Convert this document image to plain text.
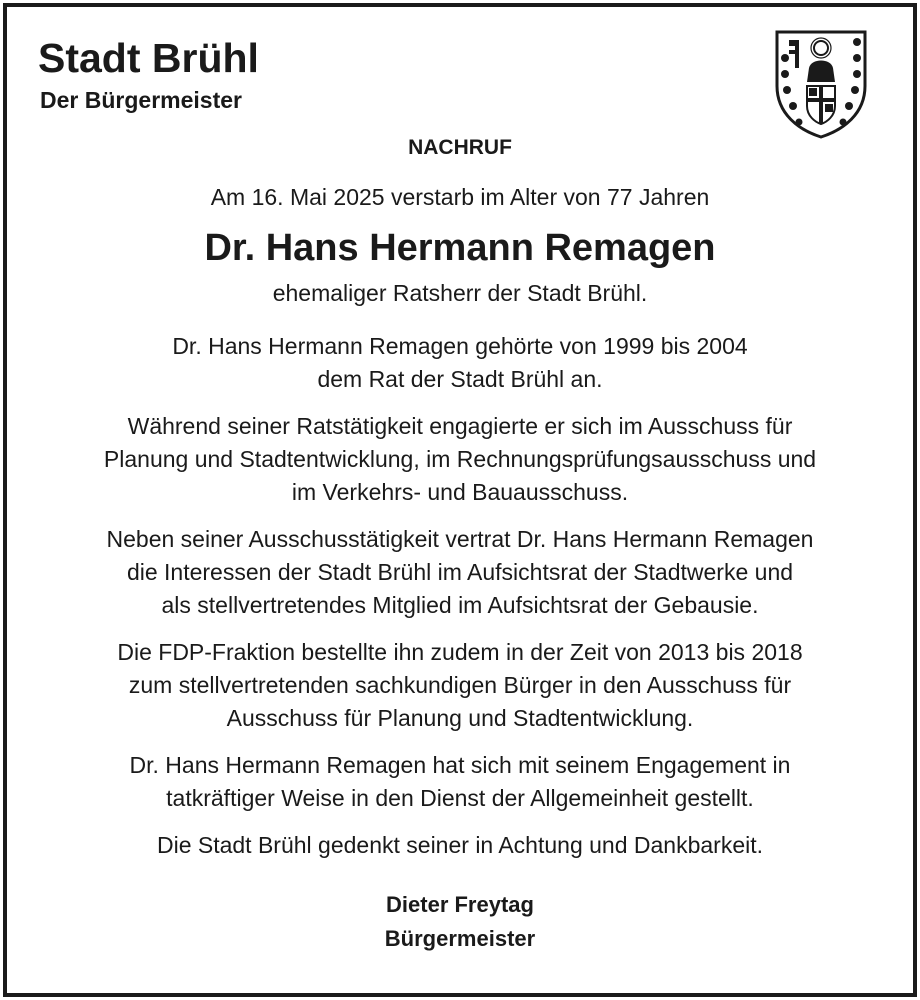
Stadt Brühl
Der Bürgermeister

NACHRUF

Am 16. Mai 2025 verstarb im Alter von 77 Jahren

Dr. Hans Hermann Remagen

ehemaliger Ratsherr der Stadt Brühl.

Dr. Hans Hermann Remagen gehörte von 1999 bis 2004
dem Rat der Stadt Brühl an.

Während seiner Ratstätigkeit engagierte er sich im Ausschuss für
Planung und Stadtentwicklung, im Rechnungsprüfungsausschuss und
im Verkehrs- und Bauausschuss.

Neben seiner Ausschusstätigkeit vertrat Dr. Hans Hermann Remagen
die Interessen der Stadt Brühl im Aufsichtsrat der Stadtwerke und
als stellvertretendes Mitglied im Aufsichtsrat der Gebausie.

Die FDP-Fraktion bestellte ihn zudem in der Zeit von 2013 bis 2018
zum stellvertretenden sachkundigen Bürger in den Ausschuss für
Ausschuss für Planung und Stadtentwicklung.

Dr. Hans Hermann Remagen hat sich mit seinem Engagement in
tatkräftiger Weise in den Dienst der Allgemeinheit gestellt.

Die Stadt Brühl gedenkt seiner in Achtung und Dankbarkeit.

Dieter Freytag
Bürgermeister
